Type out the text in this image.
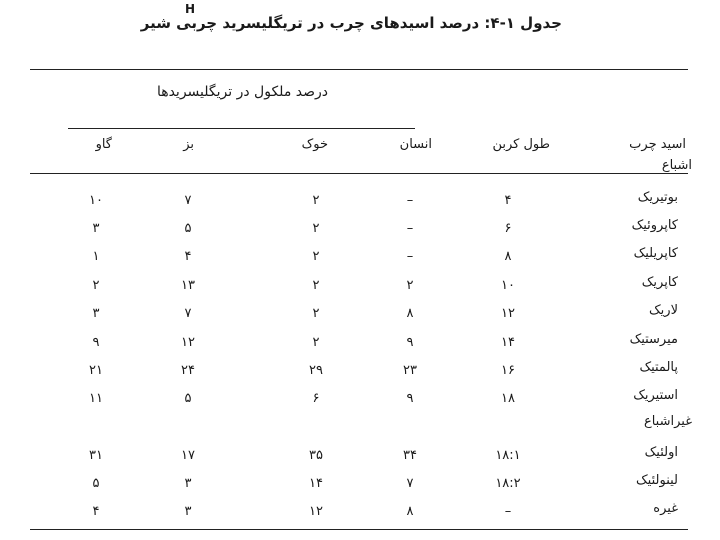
H
جدول ۱-۴: درصد اسیدهای چرب در تریگلیسرید چربی شیر
درصد ملکول در تریگلیسریدها
اسید چرب
طول کربن
انسان
خوک
بز
گاو
اشباع
غیراشباع
بوتیریک
۴
–
۲
۷
۱۰
کاپروئیک
۶
–
۲
۵
۳
کاپریلیک
۸
–
۲
۴
۱
کاپریک
۱۰
۲
۲
۱۳
۲
لاریک
۱۲
۸
۲
۷
۳
میرستیک
۱۴
۹
۲
۱۲
۹
پالمتیک
۱۶
۲۳
۲۹
۲۴
۲۱
استیریک
۱۸
۹
۶
۵
۱۱
اولئیک
۱۸:۱
۳۴
۳۵
۱۷
۳۱
لینولئیک
۱۸:۲
۷
۱۴
۳
۵
غیره
–
۸
۱۲
۳
۴
